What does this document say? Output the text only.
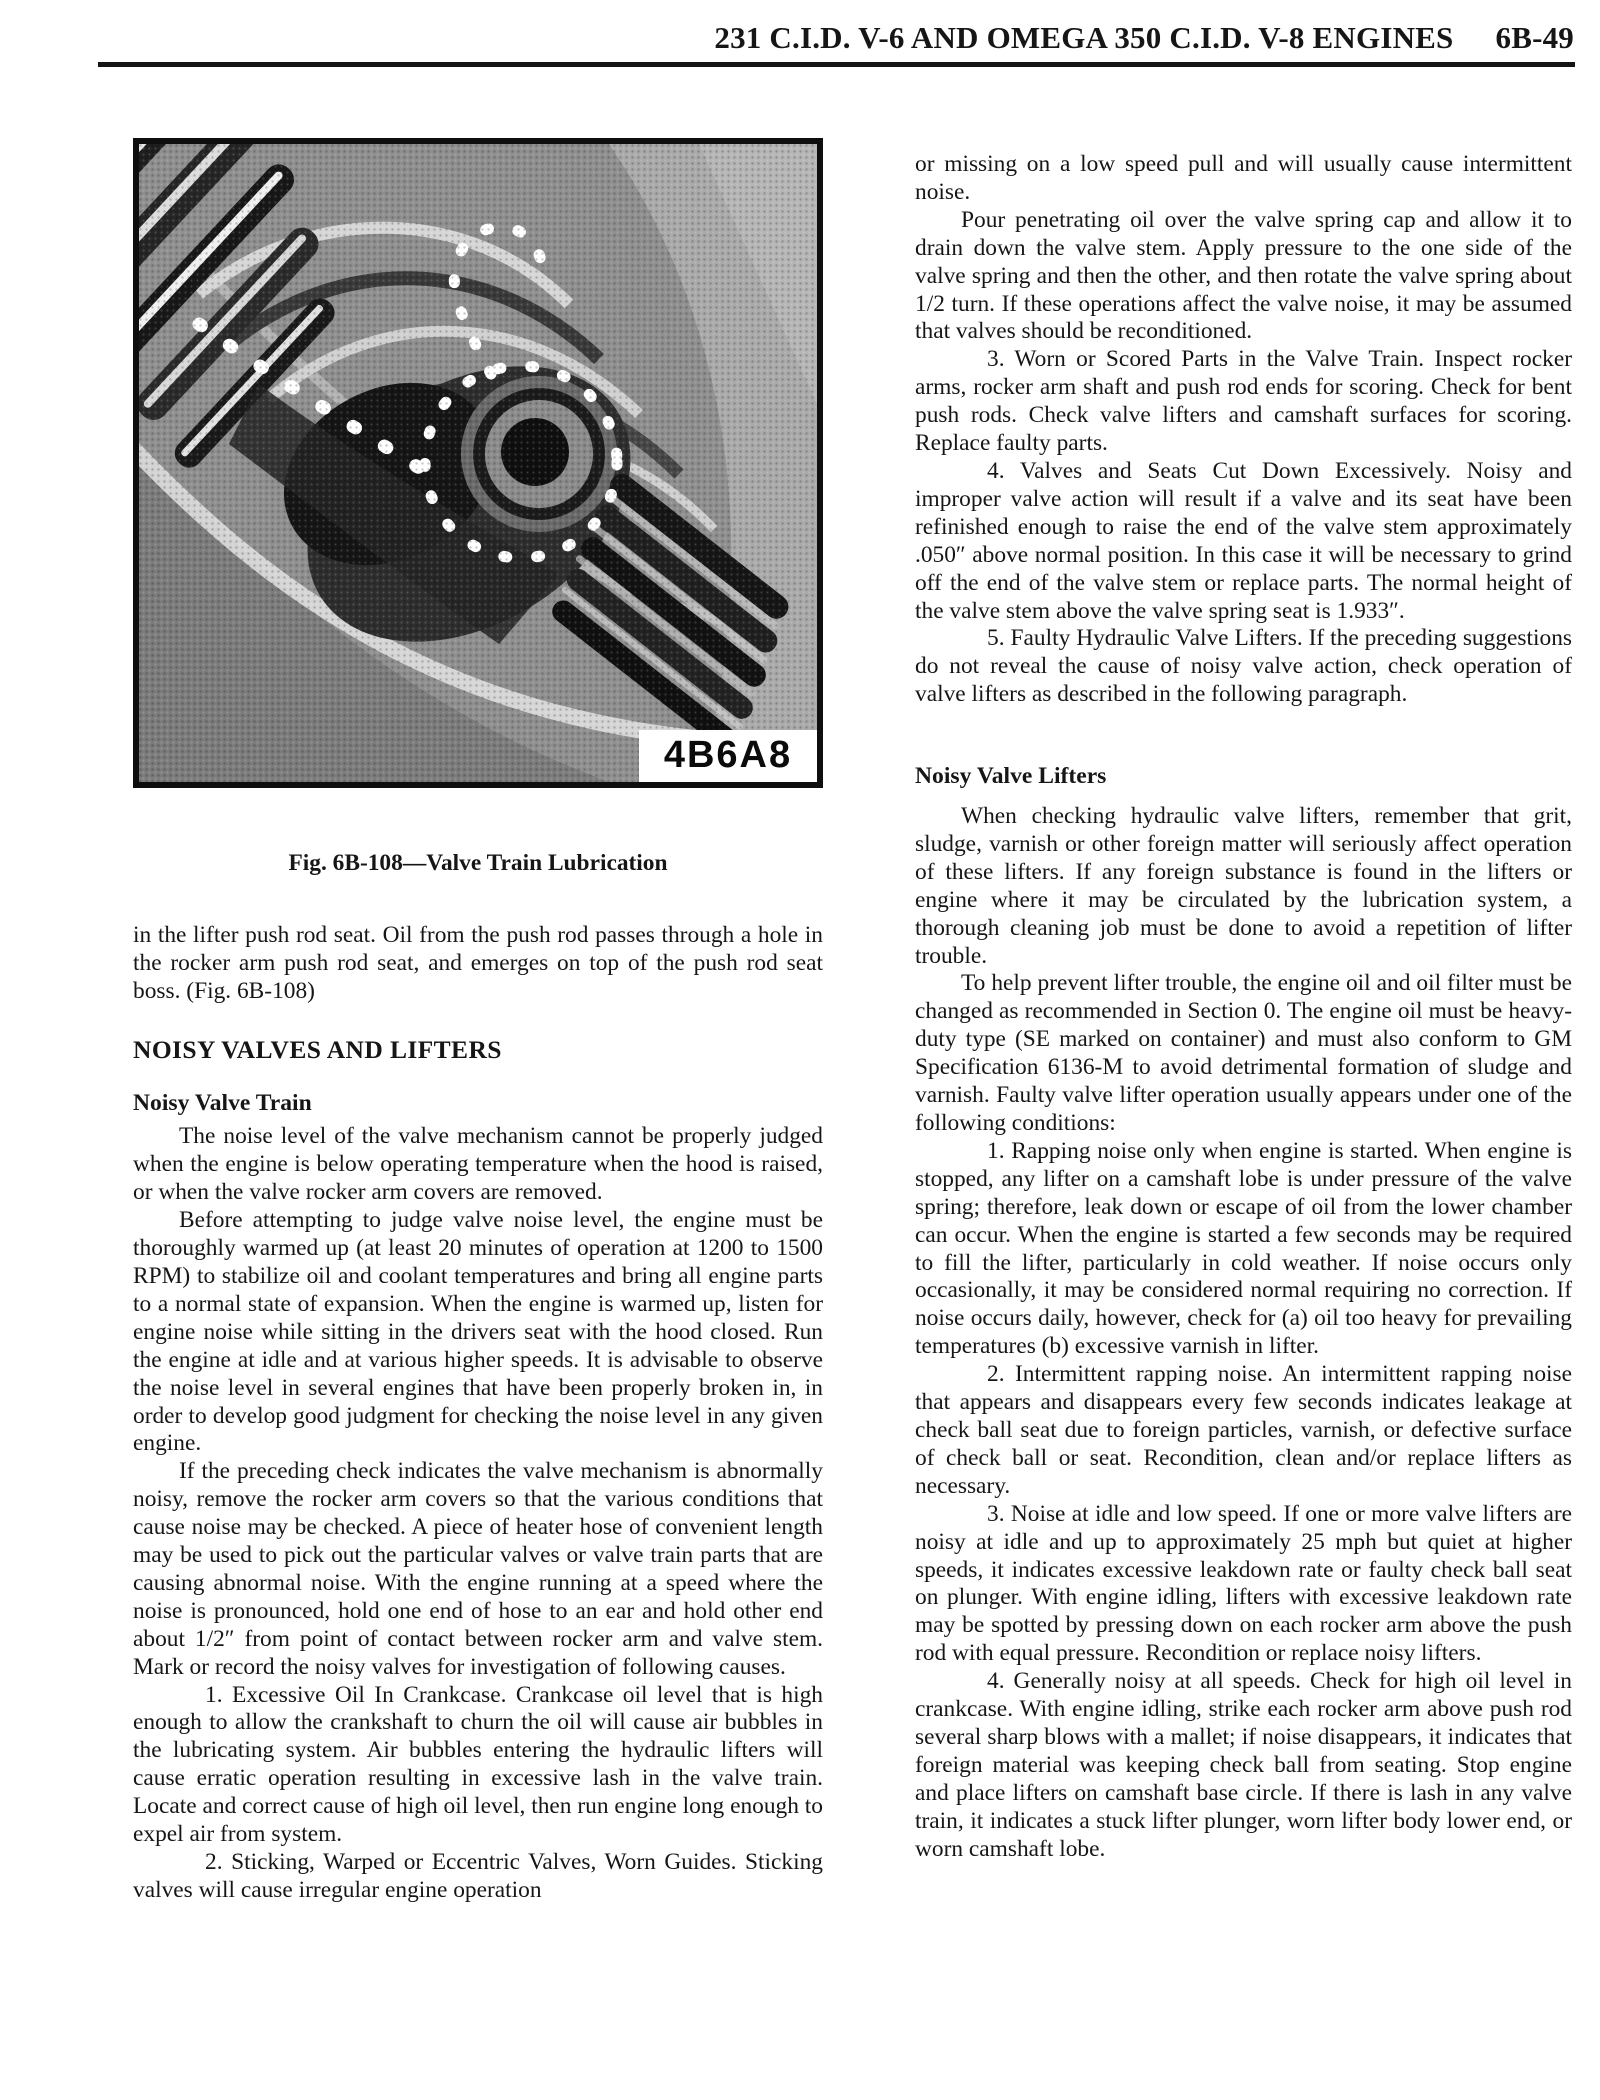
231 C.I.D. V-6 AND OMEGA 350 C.I.D. V-8 ENGINES 6B-49
4B6A8
Fig. 6B-108—Valve Train Lubrication

in the lifter push rod seat. Oil from the push rod passes through a hole in the rocker arm push rod seat, and emerges on top of the push rod seat boss. (Fig. 6B-108)

NOISY VALVES AND LIFTERS
Noisy Valve Train

The noise level of the valve mechanism cannot be properly judged when the engine is below operating temperature when the hood is raised, or when the valve rocker arm covers are removed.

Before attempting to judge valve noise level, the engine must be thoroughly warmed up (at least 20 minutes of operation at 1200 to 1500 RPM) to stabilize oil and coolant temperatures and bring all engine parts to a normal state of expansion. When the engine is warmed up, listen for engine noise while sitting in the drivers seat with the hood closed. Run the engine at idle and at various higher speeds. It is advisable to observe the noise level in several engines that have been properly broken in, in order to develop good judgment for checking the noise level in any given engine.

If the preceding check indicates the valve mechanism is abnormally noisy, remove the rocker arm covers so that the various conditions that cause noise may be checked. A piece of heater hose of convenient length may be used to pick out the particular valves or valve train parts that are causing abnormal noise. With the engine running at a speed where the noise is pronounced, hold one end of hose to an ear and hold other end about 1/2″ from point of contact between rocker arm and valve stem. Mark or record the noisy valves for investigation of following causes.

1. Excessive Oil In Crankcase. Crankcase oil level that is high enough to allow the crankshaft to churn the oil will cause air bubbles in the lubricating system. Air bubbles entering the hydraulic lifters will cause erratic operation resulting in excessive lash in the valve train. Locate and correct cause of high oil level, then run engine long enough to expel air from system.

2. Sticking, Warped or Eccentric Valves, Worn Guides. Sticking valves will cause irregular engine operation

or missing on a low speed pull and will usually cause intermittent noise.

Pour penetrating oil over the valve spring cap and allow it to drain down the valve stem. Apply pressure to the one side of the valve spring and then the other, and then rotate the valve spring about 1/2 turn. If these operations affect the valve noise, it may be assumed that valves should be reconditioned.

3. Worn or Scored Parts in the Valve Train. Inspect rocker arms, rocker arm shaft and push rod ends for scoring. Check for bent push rods. Check valve lifters and camshaft surfaces for scoring. Replace faulty parts.

4. Valves and Seats Cut Down Excessively. Noisy and improper valve action will result if a valve and its seat have been refinished enough to raise the end of the valve stem approximately .050″ above normal position. In this case it will be necessary to grind off the end of the valve stem or replace parts. The normal height of the valve stem above the valve spring seat is 1.933″.

5. Faulty Hydraulic Valve Lifters. If the preceding suggestions do not reveal the cause of noisy valve action, check operation of valve lifters as described in the following paragraph.

Noisy Valve Lifters

When checking hydraulic valve lifters, remember that grit, sludge, varnish or other foreign matter will seriously affect operation of these lifters. If any foreign substance is found in the lifters or engine where it may be circulated by the lubrication system, a thorough cleaning job must be done to avoid a repetition of lifter trouble.

To help prevent lifter trouble, the engine oil and oil filter must be changed as recommended in Section 0. The engine oil must be heavy-duty type (SE marked on container) and must also conform to GM Specification 6136-M to avoid detrimental formation of sludge and varnish. Faulty valve lifter operation usually appears under one of the following conditions:

1. Rapping noise only when engine is started. When engine is stopped, any lifter on a camshaft lobe is under pressure of the valve spring; therefore, leak down or escape of oil from the lower chamber can occur. When the engine is started a few seconds may be required to fill the lifter, particularly in cold weather. If noise occurs only occasionally, it may be considered normal requiring no correction. If noise occurs daily, however, check for (a) oil too heavy for prevailing temperatures (b) excessive varnish in lifter.

2. Intermittent rapping noise. An intermittent rapping noise that appears and disappears every few seconds indicates leakage at check ball seat due to foreign particles, varnish, or defective surface of check ball or seat. Recondition, clean and/or replace lifters as necessary.

3. Noise at idle and low speed. If one or more valve lifters are noisy at idle and up to approximately 25 mph but quiet at higher speeds, it indicates excessive leakdown rate or faulty check ball seat on plunger. With engine idling, lifters with excessive leakdown rate may be spotted by pressing down on each rocker arm above the push rod with equal pressure. Recondition or replace noisy lifters.

4. Generally noisy at all speeds. Check for high oil level in crankcase. With engine idling, strike each rocker arm above push rod several sharp blows with a mallet; if noise disappears, it indicates that foreign material was keeping check ball from seating. Stop engine and place lifters on camshaft base circle. If there is lash in any valve train, it indicates a stuck lifter plunger, worn lifter body lower end, or worn camshaft lobe.
